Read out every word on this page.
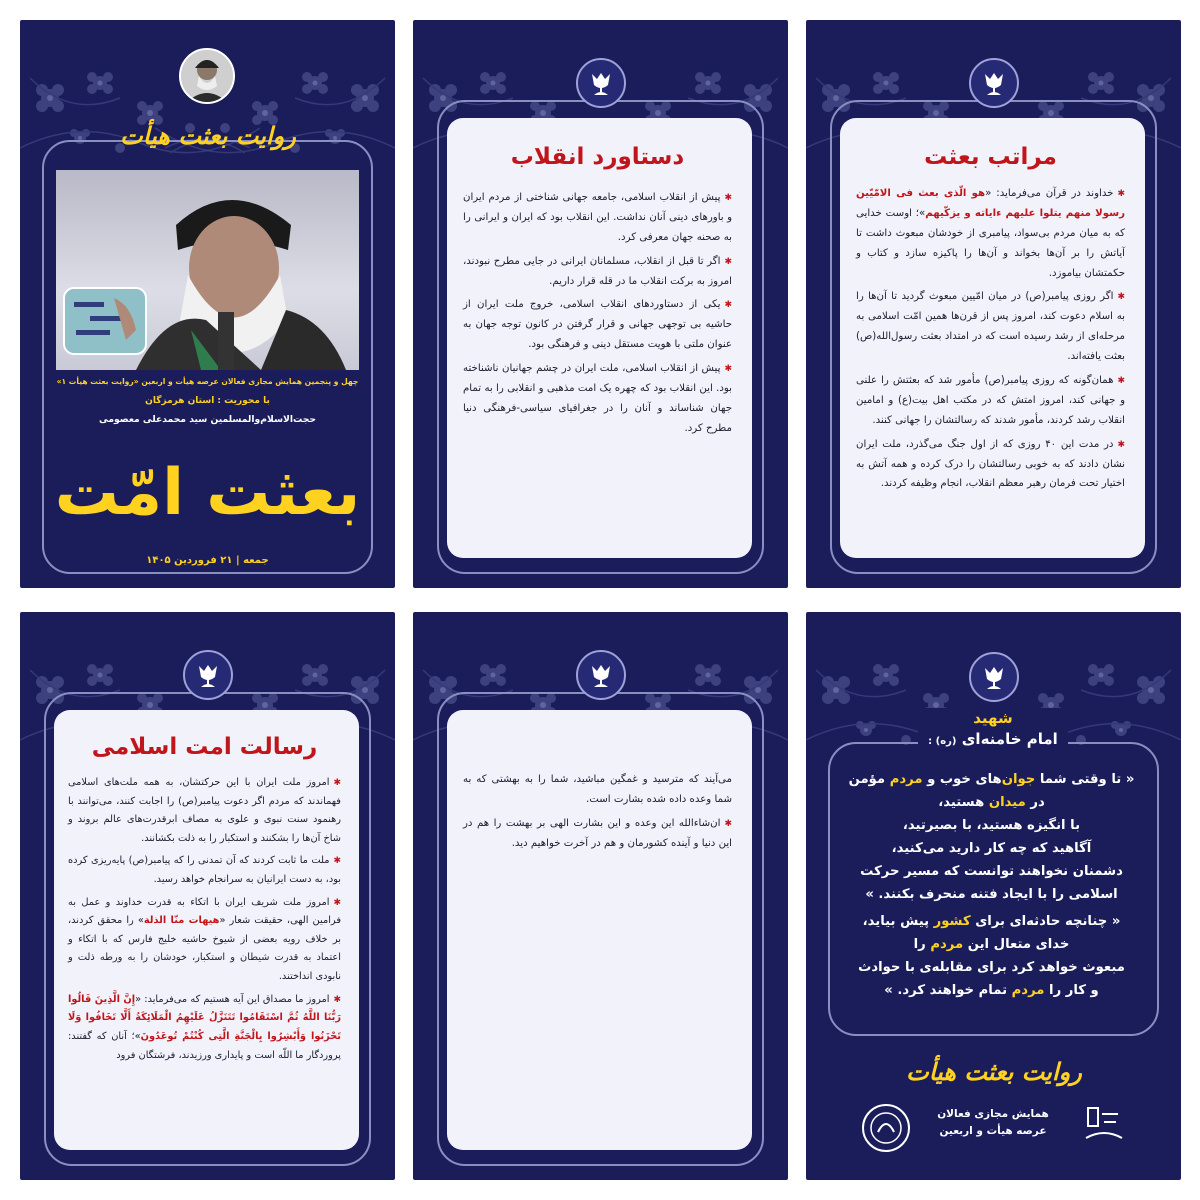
روایت بعثت هیأت
چهل و پنجمین همایش مجازی فعالان عرصه هیأت و اربعین «روایت بعثت هیأت ۱»
با محوریت : استان هرمزگان
حجت‌الاسلام‌والمسلمین سید محمدعلی معصومی
بعثت امّت
جمعه | ۲۱ فروردین ۱۴۰۵
دستاورد انقلاب

✱پیش از انقلاب اسلامی، جامعه جهانی شناختی از مردم ایران و باورهای دینی آنان نداشت. این انقلاب بود که ایران و ایرانی را به صحنه جهان معرفی کرد.

✱اگر تا قبل از انقلاب، مسلمانان ایرانی در جایی مطرح نبودند، امروز به برکت انقلاب ما در قله قرار داریم.

✱یکی از دستاوردهای انقلاب اسلامی، خروج ملت ایران از حاشیه بی توجهی جهانی و قرار گرفتن در کانون توجه جهان به عنوان ملتی با هویت مستقل دینی و فرهنگی بود.

✱پیش از انقلاب اسلامی، ملت ایران در چشم جهانیان ناشناخته بود. این انقلاب بود که چهره یک امت مذهبی و انقلابی را به تمام جهان شناساند و آنان را در جغرافیای سیاسی-فرهنگی دنیا مطرح کرد.

مراتب بعثت

✱خداوند در قرآن می‌فرماید: «هو الّذی بعث فی الامّیّین رسولا منهم یتلوا علیهم ءایاته و یزکّیهم»؛ اوست خدایی که به میان مردم بی‌سواد، پیامبری از خودشان مبعوث داشت تا آیاتش را بر آن‌ها بخواند و آن‌ها را پاکیزه سازد و کتاب و حکمتشان بیاموزد.

✱اگر روزی پیامبر(ص) در میان امّیین مبعوث گردید تا آن‌ها را به اسلام دعوت کند، امروز پس از قرن‌ها همین امّت اسلامی به مرحله‌ای از رشد رسیده است که در امتداد بعثت رسول‌الله(ص) بعثت یافته‌اند.

✱همان‌گونه که روزی پیامبر(ص) مأمور شد که بعثتش را علنی و جهانی کند، امروز امتش که در مکتب اهل بیت(ع) و امامین انقلاب رشد کردند، مأمور شدند که رسالتشان را جهانی کنند.

✱در مدت این ۴۰ روزی که از اول جنگ می‌گذرد، ملت ایران نشان دادند که به خوبی رسالتشان را درک کرده و همه آتش به اختیار تحت فرمان رهبر معظم انقلاب، انجام وظیفه کردند.

رسالت امت اسلامی

✱امروز ملت ایران با این حرکتشان، به همه ملت‌های اسلامی فهماندند که مردم اگر دعوت پیامبر(ص) را اجابت کنند، می‌توانند با رهنمود سنت نبوی و علوی به مصاف ابرقدرت‌های عالم بروند و شاخ آن‌ها را بشکنند و استکبار را به ذلت بکشانند.

✱ملت ما ثابت کردند که آن تمدنی را که پیامبر(ص) پایه‌ریزی کرده بود، به دست ایرانیان به سرانجام خواهد رسید.

✱امروز ملت شریف ایران با اتکاء به قدرت خداوند و عمل به فرامین الهی، حقیقت شعار «هیهات منّا الذلة» را محقق کردند، بر خلاف رویه بعضی از شیوخ حاشیه خلیج فارس که با اتکاء و اعتماد به قدرت شیطان و استکبار، خودشان را به ورطه ذلت و نابودی انداختند.

✱امروز ما مصداق این آیه هستیم که می‌فرماید: «إِنَّ الَّذِینَ قَالُوا رَبُّنَا اللَّهُ ثُمَّ اسْتَقَامُوا تَتَنَزَّلُ عَلَیْهِمُ الْمَلَائِکَةُ أَلَّا تَخَافُوا وَلَا تَحْزَنُوا وَأَبْشِرُوا بِالْجَنَّةِ الَّتِی کُنْتُمْ تُوعَدُونَ»؛ آنان که گفتند: پروردگار ما اللّه است و پایداری ورزیدند، فرشتگان فرود

می‌آیند که مترسید و غمگین مباشید، شما را به بهشتی که به شما وعده داده شده بشارت است.

✱ان‌شاءالله این وعده و این بشارت الهی بر بهشت را هم در این دنیا و آینده کشورمان و هم در آخرت خواهیم دید.

شهید
امام خامنه‌ای (ره) :

« تا وقتی شما جوان‌های خوب و مردم مؤمن

در میدان هستید،

با انگیزه هستید، با بصیرتید،

آگاهید که چه کار دارید می‌کنید،

دشمنان نخواهند توانست که مسیر حرکت

اسلامی را با ایجاد فتنه منحرف بکنند. »

« چنانچه حادثه‌ای برای کشور پیش بیاید،

خدای متعال این مردم را

مبعوث خواهد کرد برای مقابله‌ی با حوادث

و کار را مردم تمام خواهند کرد. »

روایت بعثت هیأت
همایش مجازی فعالان
عرصه هیأت و اربعین
